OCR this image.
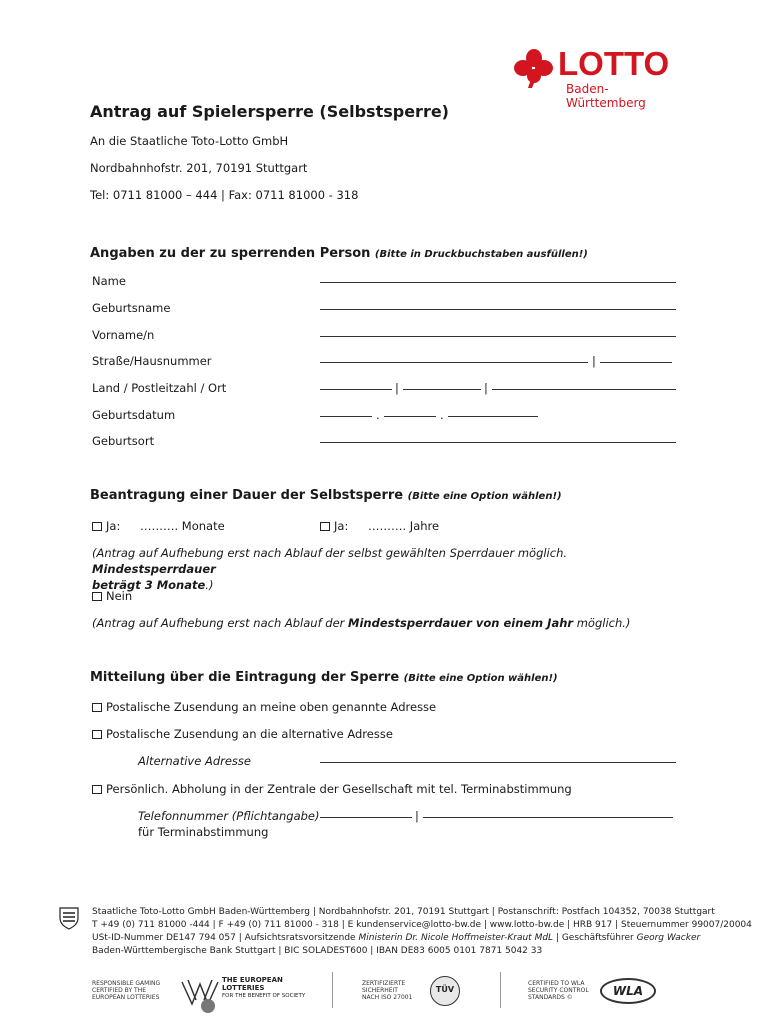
LOTTO
Baden-Württemberg
Antrag auf Spielersperre (Selbstsperre)
An die Staatliche Toto-Lotto GmbH
Nordbahnhofstr. 201, 70191 Stuttgart
Tel: 0711 81000 – 444 | Fax: 0711 81000 - 318
Angaben zu der zu sperrenden Person (Bitte in Druckbuchstaben ausfüllen!)
Name
Geburtsname
Vorname/n
Straße/Hausnummer	|
Land / Postleitzahl / Ort	|	|
Geburtsdatum	.	.
Geburtsort
Beantragung einer Dauer der Selbstsperre (Bitte eine Option wählen!)
Ja: ………. Monate	Ja: ………. Jahre
(Antrag auf Aufhebung erst nach Ablauf der selbst gewählten Sperrdauer möglich. Mindestsperrdauer
beträgt 3 Monate.)
Nein
(Antrag auf Aufhebung erst nach Ablauf der Mindestsperrdauer von einem Jahr möglich.)
Mitteilung über die Eintragung der Sperre (Bitte eine Option wählen!)
Postalische Zusendung an meine oben genannte Adresse
Postalische Zusendung an die alternative Adresse
Alternative Adresse
Persönlich. Abholung in der Zentrale der Gesellschaft mit tel. Terminabstimmung
Telefonnummer (Pflichtangabe)	|
für Terminabstimmung
Staatliche Toto-Lotto GmbH Baden-Württemberg | Nordbahnhofstr. 201, 70191 Stuttgart | Postanschrift: Postfach 104352, 70038 Stuttgart
T +49 (0) 711 81000 -444 | F +49 (0) 711 81000 - 318 | E kundenservice@lotto-bw.de | www.lotto-bw.de | HRB 917 | Steuernummer 99007/20004
USt-ID-Nummer DE147 794 057 | Aufsichtsratsvorsitzende Ministerin Dr. Nicole Hoffmeister-Kraut MdL | Geschäftsführer Georg Wacker
Baden-Württembergische Bank Stuttgart | BIC SOLADEST600 | IBAN DE83 6005 0101 7871 5042 33
RESPONSIBLE GAMING
CERTIFIED BY THE
EUROPEAN LOTTERIES
THE EUROPEAN
LOTTERIES
FOR THE BENEFIT OF SOCIETY
ZERTIFIZIERTE
SICHERHEIT
NACH ISO 27001
TÜV
CERTIFIED TO WLA
SECURITY CONTROL
STANDARDS ©	WLA
